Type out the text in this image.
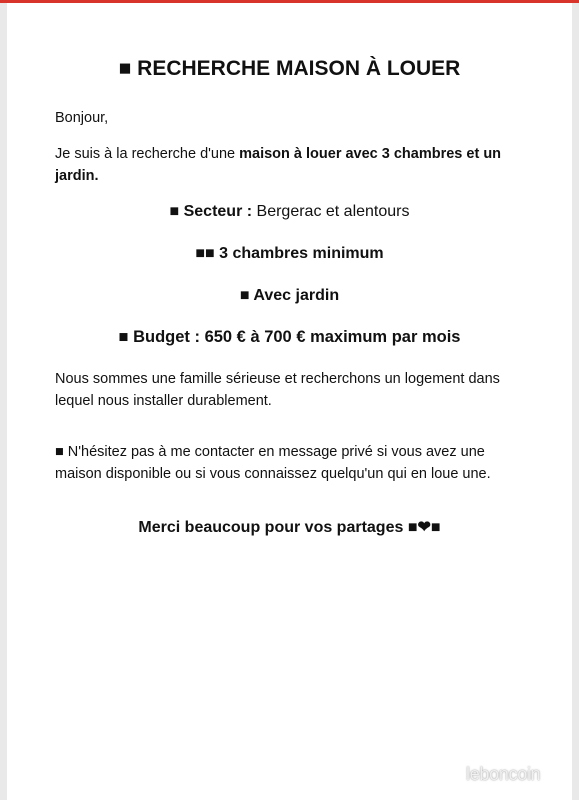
■ RECHERCHE MAISON À LOUER
Bonjour,
Je suis à la recherche d'une maison à louer avec 3 chambres et un
jardin.
■ Secteur : Bergerac et alentours
■■ 3 chambres minimum
■ Avec jardin
■ Budget : 650 € à 700 € maximum par mois
Nous sommes une famille sérieuse et recherchons un logement dans
lequel nous installer durablement.
■ N'hésitez pas à me contacter en message privé si vous avez une
maison disponible ou si vous connaissez quelqu'un qui en loue une.
Merci beaucoup pour vos partages ■❤■
leboncoin
